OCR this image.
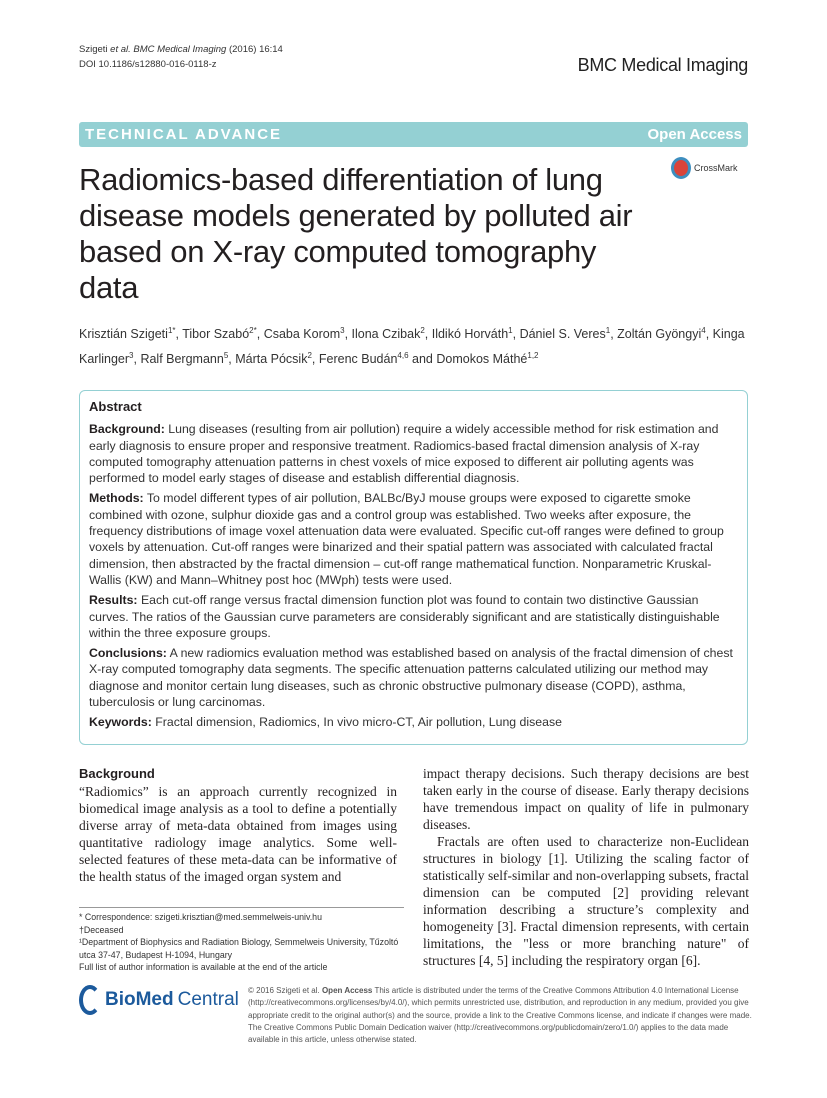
Szigeti et al. BMC Medical Imaging (2016) 16:14
DOI 10.1186/s12880-016-0118-z	BMC Medical Imaging
TECHNICAL ADVANCE	Open Access
CrossMark
Radiomics-based differentiation of lung disease models generated by polluted air based on X-ray computed tomography data
Krisztián Szigeti$^{1*}$, Tibor Szabó$^{2*}$, Csaba Korom$^3$, Ilona Czibak$^2$, Ildikó Horváth$^1$, Dániel S. Veres$^1$, Zoltán Gyöngyi$^4$, Kinga Karlinger$^3$, Ralf Bergmann$^5$, Márta Pócsik$^2$, Ferenc Budán$^{4,6}$ and Domokos Máthé$^{1,2}$
Abstract

Background: Lung diseases (resulting from air pollution) require a widely accessible method for risk estimation and early diagnosis to ensure proper and responsive treatment. Radiomics-based fractal dimension analysis of X-ray computed tomography attenuation patterns in chest voxels of mice exposed to different air polluting agents was performed to model early stages of disease and establish differential diagnosis.

Methods: To model different types of air pollution, BALBc/ByJ mouse groups were exposed to cigarette smoke combined with ozone, sulphur dioxide gas and a control group was established. Two weeks after exposure, the frequency distributions of image voxel attenuation data were evaluated. Specific cut-off ranges were defined to group voxels by attenuation. Cut-off ranges were binarized and their spatial pattern was associated with calculated fractal dimension, then abstracted by the fractal dimension – cut-off range mathematical function. Nonparametric Kruskal-Wallis (KW) and Mann–Whitney post hoc (MWph) tests were used.

Results: Each cut-off range versus fractal dimension function plot was found to contain two distinctive Gaussian curves. The ratios of the Gaussian curve parameters are considerably significant and are statistically distinguishable within the three exposure groups.

Conclusions: A new radiomics evaluation method was established based on analysis of the fractal dimension of chest X-ray computed tomography data segments. The specific attenuation patterns calculated utilizing our method may diagnose and monitor certain lung diseases, such as chronic obstructive pulmonary disease (COPD), asthma, tuberculosis or lung carcinomas.

Keywords: Fractal dimension, Radiomics, In vivo micro-CT, Air pollution, Lung disease

Background

“Radiomics” is an approach currently recognized in biomedical image analysis as a tool to define a potentially diverse array of meta-data obtained from images using quantitative radiology image analytics. Some well-selected features of these meta-data can be informative of the health status of the imaged organ system and

impact therapy decisions. Such therapy decisions are best taken early in the course of disease. Early therapy decisions have tremendous impact on quality of life in pulmonary diseases.

Fractals are often used to characterize non-Euclidean structures in biology [1]. Utilizing the scaling factor of statistically self-similar and non-overlapping subsets, fractal dimension can be computed [2] providing relevant information describing a structure’s complexity and homogeneity [3]. Fractal dimension represents, with certain limitations, the "less or more branching nature" of structures [4, 5] including the respiratory organ [6].

* Correspondence: szigeti.krisztian@med.semmelweis-univ.hu
†Deceased
¹Department of Biophysics and Radiation Biology, Semmelweis University, Tűzoltó utca 37-47, Budapest H-1094, Hungary
Full list of author information is available at the end of the article
BioMed Central © 2016 Szigeti et al. Open Access This article is distributed under the terms of the Creative Commons Attribution 4.0 International License (http://creativecommons.org/licenses/by/4.0/), which permits unrestricted use, distribution, and reproduction in any medium, provided you give appropriate credit to the original author(s) and the source, provide a link to the Creative Commons license, and indicate if changes were made. The Creative Commons Public Domain Dedication waiver (http://creativecommons.org/publicdomain/zero/1.0/) applies to the data made available in this article, unless otherwise stated.
